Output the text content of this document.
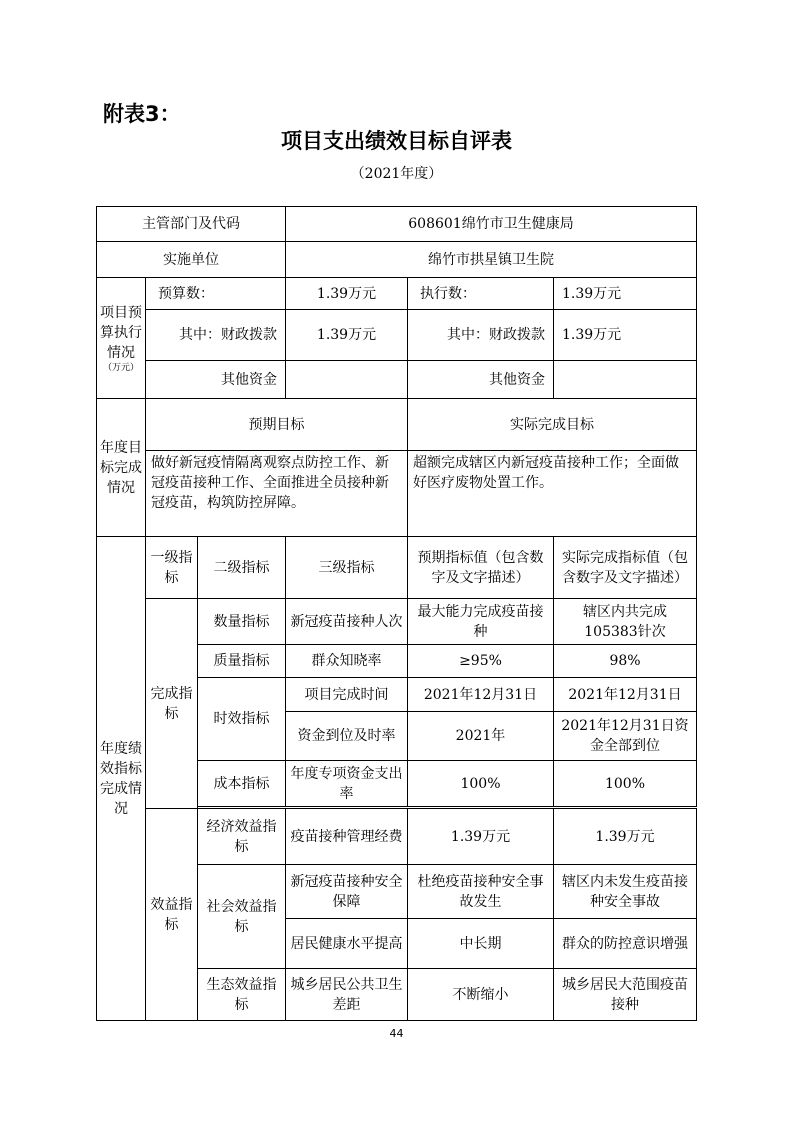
附表3：
项目支出绩效目标自评表
（2021年度）
主管部门及代码			608601绵竹市卫生健康局		
实施单位			绵竹市拱星镇卫生院		
项目预算执行情况
（万元）	预算数：		1.39万元	执行数：	1.39万元
	其中：财政拨款		1.39万元	其中：财政拨款	1.39万元
	其他资金			其他资金	
年度目标完成情况	预期目标			实际完成目标	
	做好新冠疫情隔离观察点防控工作、新冠疫苗接种工作、全面推进全员接种新冠疫苗，构筑防控屏障。			超额完成辖区内新冠疫苗接种工作；全面做好医疗废物处置工作。	
年度绩效指标完成情况	一级指标	二级指标	三级指标	预期指标值（包含数字及文字描述）	实际完成指标值（包含数字及文字描述）
	完成指标	数量指标	新冠疫苗接种人次	最大能力完成疫苗接种	辖区内共完成105383针次
		质量指标	群众知晓率	≥95%	98%
		时效指标	项目完成时间	2021年12月31日	2021年12月31日
			资金到位及时率	2021年	2021年12月31日资金全部到位
		成本指标	年度专项资金支出率	100%	100%

	效益指标	经济效益指标	疫苗接种管理经费	1.39万元	1.39万元
		社会效益指标	新冠疫苗接种安全保障	杜绝疫苗接种安全事故发生	辖区内未发生疫苗接种安全事故
			居民健康水平提高	中长期	群众的防控意识增强
		生态效益指标	城乡居民公共卫生差距	不断缩小	城乡居民大范围疫苗接种
44
